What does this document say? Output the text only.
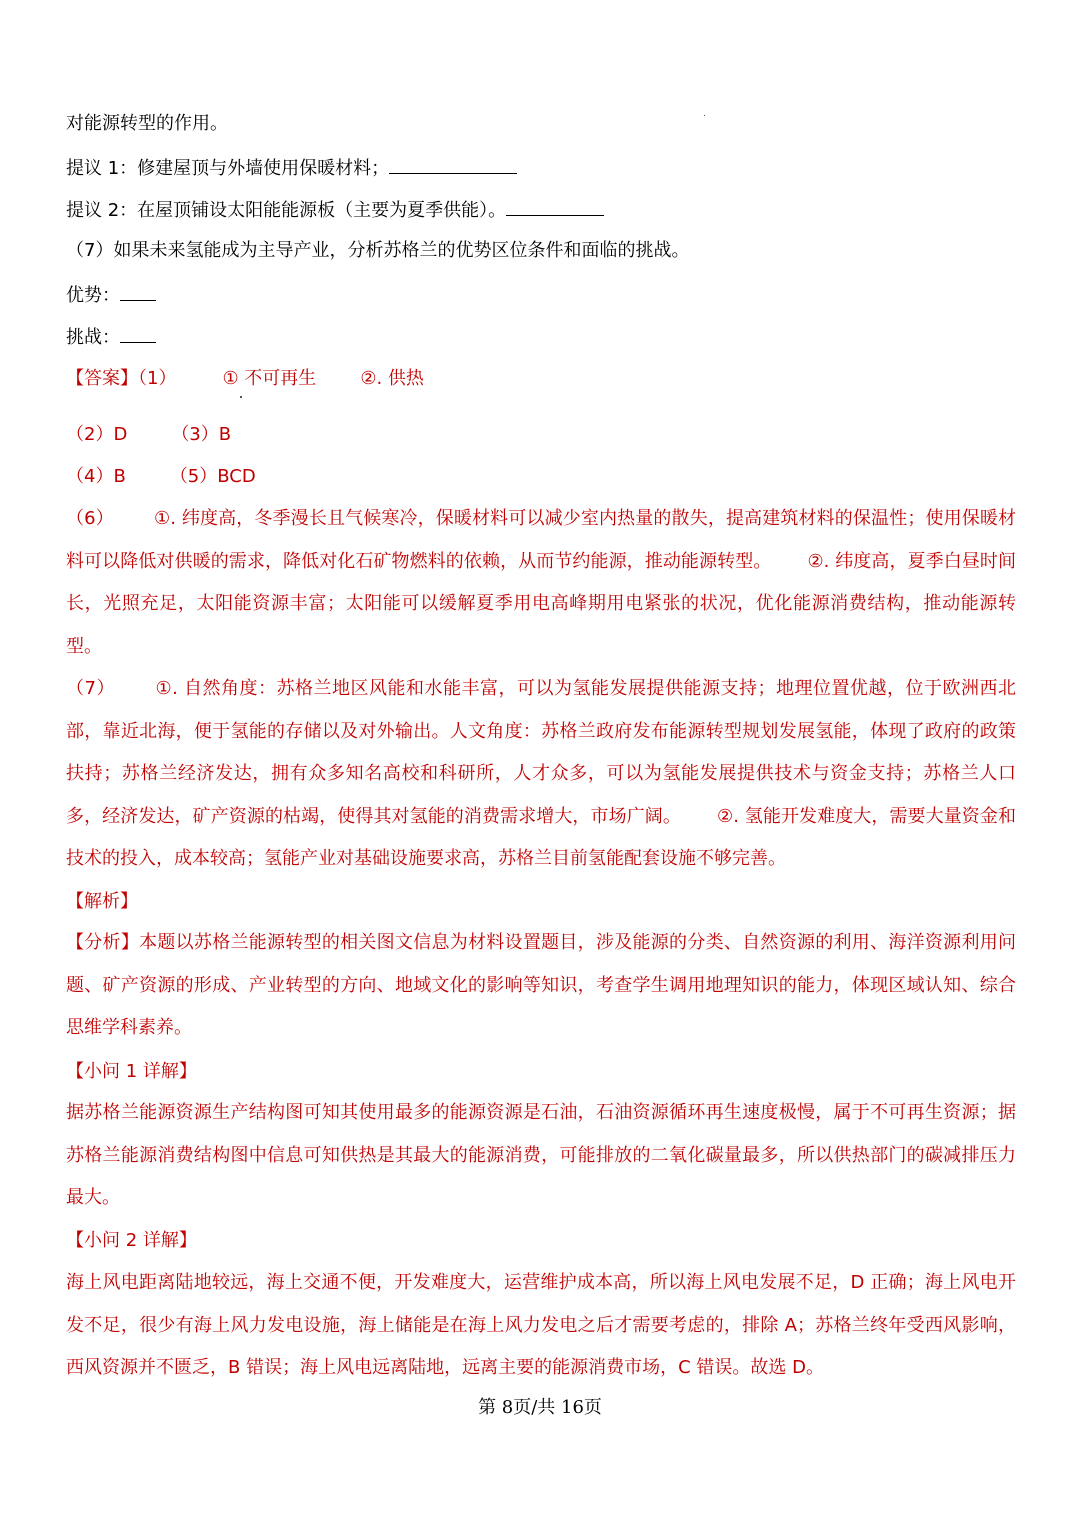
对能源转型的作用。
提议 1：修建屋顶与外墙使用保暖材料；
提议 2：在屋顶铺设太阳能能源板（主要为夏季供能）。
（7）如果未来氢能成为主导产业，分析苏格兰的优势区位条件和面临的挑战。
优势：
挑战：
【答案】（1）	① 不可再生 ②. 供热
（2）D （3）B
（4）B （5）BCD
（6） ①. 纬度高，冬季漫长且气候寒冷，保暖材料可以减少室内热量的散失，提高建筑材料的保温性；使用保暖材料可以降低对供暖的需求，降低对化石矿物燃料的依赖，从而节约能源，推动能源转型。 ②. 纬度高，夏季白昼时间长，光照充足，太阳能资源丰富；太阳能可以缓解夏季用电高峰期用电紧张的状况，优化能源消费结构，推动能源转型。
（7） ①. 自然角度：苏格兰地区风能和水能丰富，可以为氢能发展提供能源支持；地理位置优越，位于欧洲西北部，靠近北海，便于氢能的存储以及对外输出。人文角度：苏格兰政府发布能源转型规划发展氢能，体现了政府的政策扶持；苏格兰经济发达，拥有众多知名高校和科研所，人才众多，可以为氢能发展提供技术与资金支持；苏格兰人口多，经济发达，矿产资源的枯竭，使得其对氢能的消费需求增大，市场广阔。 ②. 氢能开发难度大，需要大量资金和技术的投入，成本较高；氢能产业对基础设施要求高，苏格兰目前氢能配套设施不够完善。
【解析】
【分析】本题以苏格兰能源转型的相关图文信息为材料设置题目，涉及能源的分类、自然资源的利用、海洋资源利用问题、矿产资源的形成、产业转型的方向、地域文化的影响等知识，考查学生调用地理知识的能力，体现区域认知、综合思维学科素养。
【小问 1 详解】
据苏格兰能源资源生产结构图可知其使用最多的能源资源是石油，石油资源循环再生速度极慢，属于不可再生资源；据苏格兰能源消费结构图中信息可知供热是其最大的能源消费，可能排放的二氧化碳量最多，所以供热部门的碳减排压力最大。
【小问 2 详解】
海上风电距离陆地较远，海上交通不便，开发难度大，运营维护成本高，所以海上风电发展不足，D 正确；海上风电开发不足，很少有海上风力发电设施，海上储能是在海上风力发电之后才需要考虑的，排除 A；苏格兰终年受西风影响，西风资源并不匮乏，B 错误；海上风电远离陆地，远离主要的能源消费市场，C 错误。故选 D。
第 8页/共 16页
